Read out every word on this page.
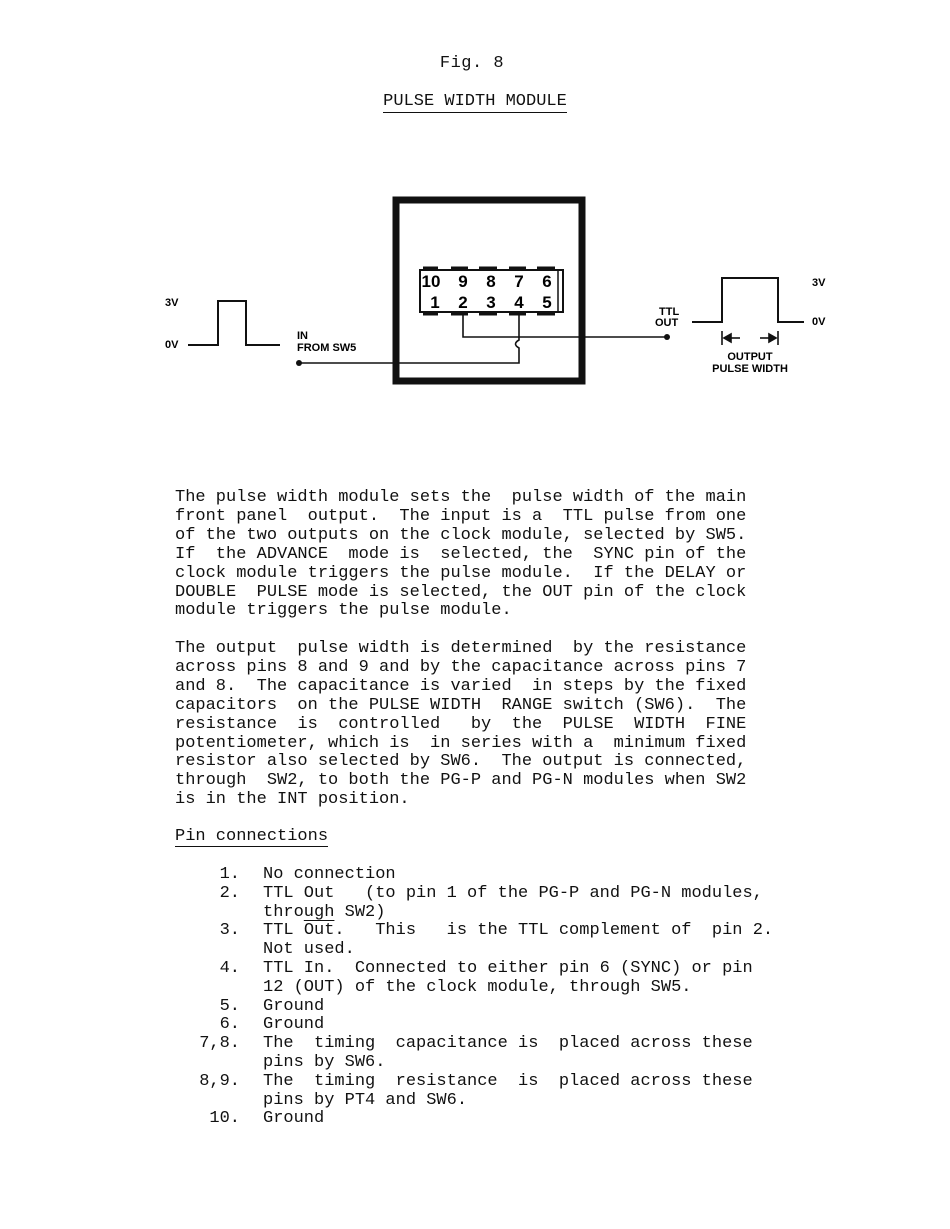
Fig. 8
PULSE WIDTH MODULE
3V
0V
IN
FROM SW5
10 9 8 7 6
1 2 3 4 5	TTL
OUT
3V
0V
OUTPUT
PULSE WIDTH

The pulse width module sets the  pulse width of the main
front panel  output.  The input is a  TTL pulse from one
of the two outputs on the clock module, selected by SW5.
If  the ADVANCE  mode is  selected, the  SYNC pin of the
clock module triggers the pulse module.  If the DELAY or
DOUBLE  PULSE mode is selected, the OUT pin of the clock
module triggers the pulse module.

The output  pulse width is determined  by the resistance
across pins 8 and 9 and by the capacitance across pins 7
and 8.  The capacitance is varied  in steps by the fixed
capacitors  on the PULSE WIDTH  RANGE switch (SW6).  The
resistance  is  controlled   by  the  PULSE  WIDTH  FINE
potentiometer, which is  in series with a  minimum fixed
resistor also selected by SW6.  The output is connected,
through  SW2, to both the PG-P and PG-N modules when SW2
is in the INT position.

Pin connections
1. No connection
2. TTL Out   (to pin 1 of the PG-P and PG-N modules,
through SW2)
3. TTL $\overline{Out}$.   This   is the TTL complement of  pin 2.
Not used.
4. TTL In.  Connected to either pin 6 (SYNC) or pin
12 (OUT) of the clock module, through SW5.
5. Ground
6. Ground
7,8. The  timing  capacitance is  placed across these
pins by SW6.
8,9. The  timing  resistance  is  placed across these
pins by PT4 and SW6.
10. Ground
